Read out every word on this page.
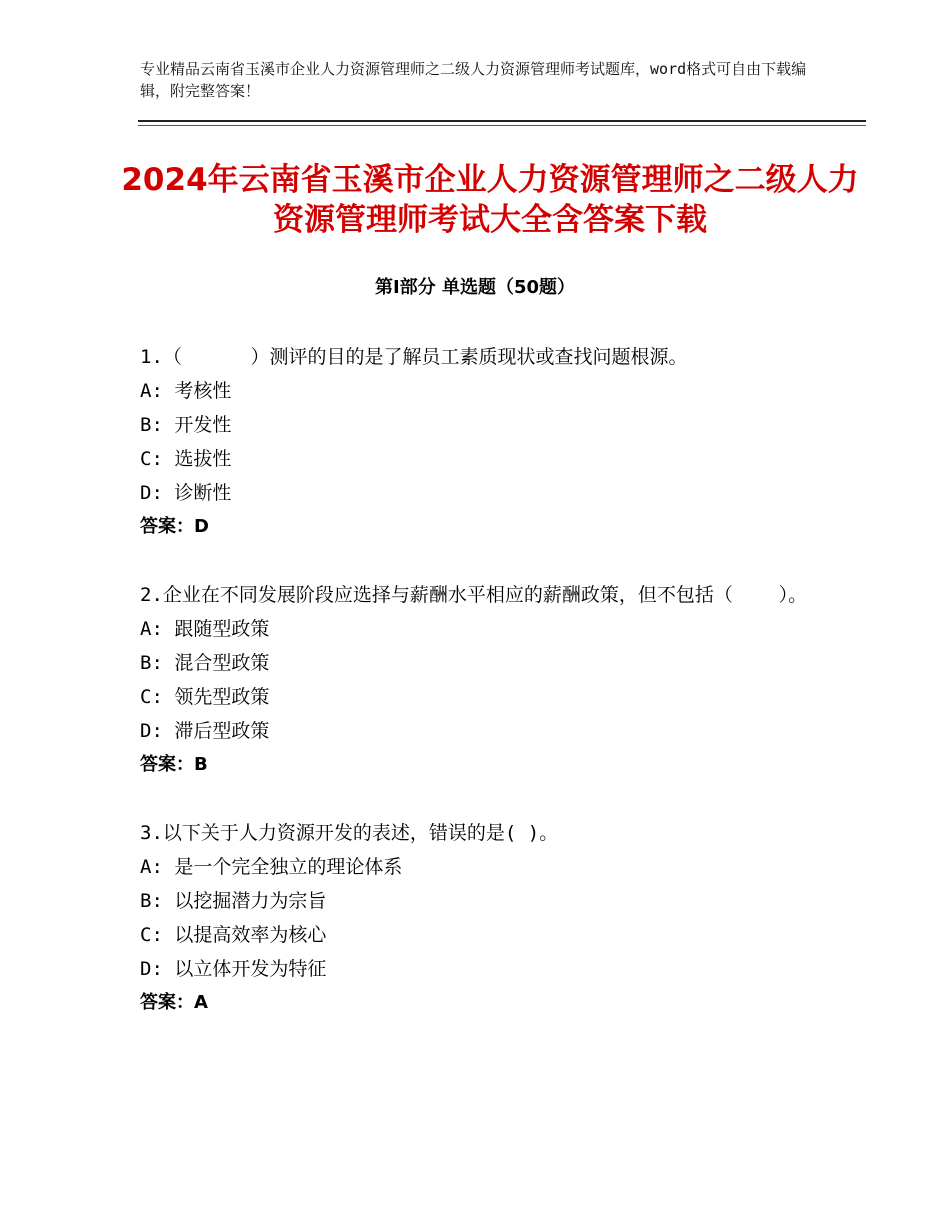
专业精品云南省玉溪市企业人力资源管理师之二级人力资源管理师考试题库，word格式可自由下载编辑，附完整答案！
2024年云南省玉溪市企业人力资源管理师之二级人力资源管理师考试大全含答案下载
第Ⅰ部分 单选题（50题）
1.（      ）测评的目的是了解员工素质现状或查找问题根源。
A: 考核性
B: 开发性
C: 选拔性
D: 诊断性
答案：D
2.企业在不同发展阶段应选择与薪酬水平相应的薪酬政策，但不包括（    ）。
A: 跟随型政策
B: 混合型政策
C: 领先型政策
D: 滞后型政策
答案：B
3.以下关于人力资源开发的表述，错误的是( )。
A: 是一个完全独立的理论体系
B: 以挖掘潜力为宗旨
C: 以提高效率为核心
D: 以立体开发为特征
答案：A
